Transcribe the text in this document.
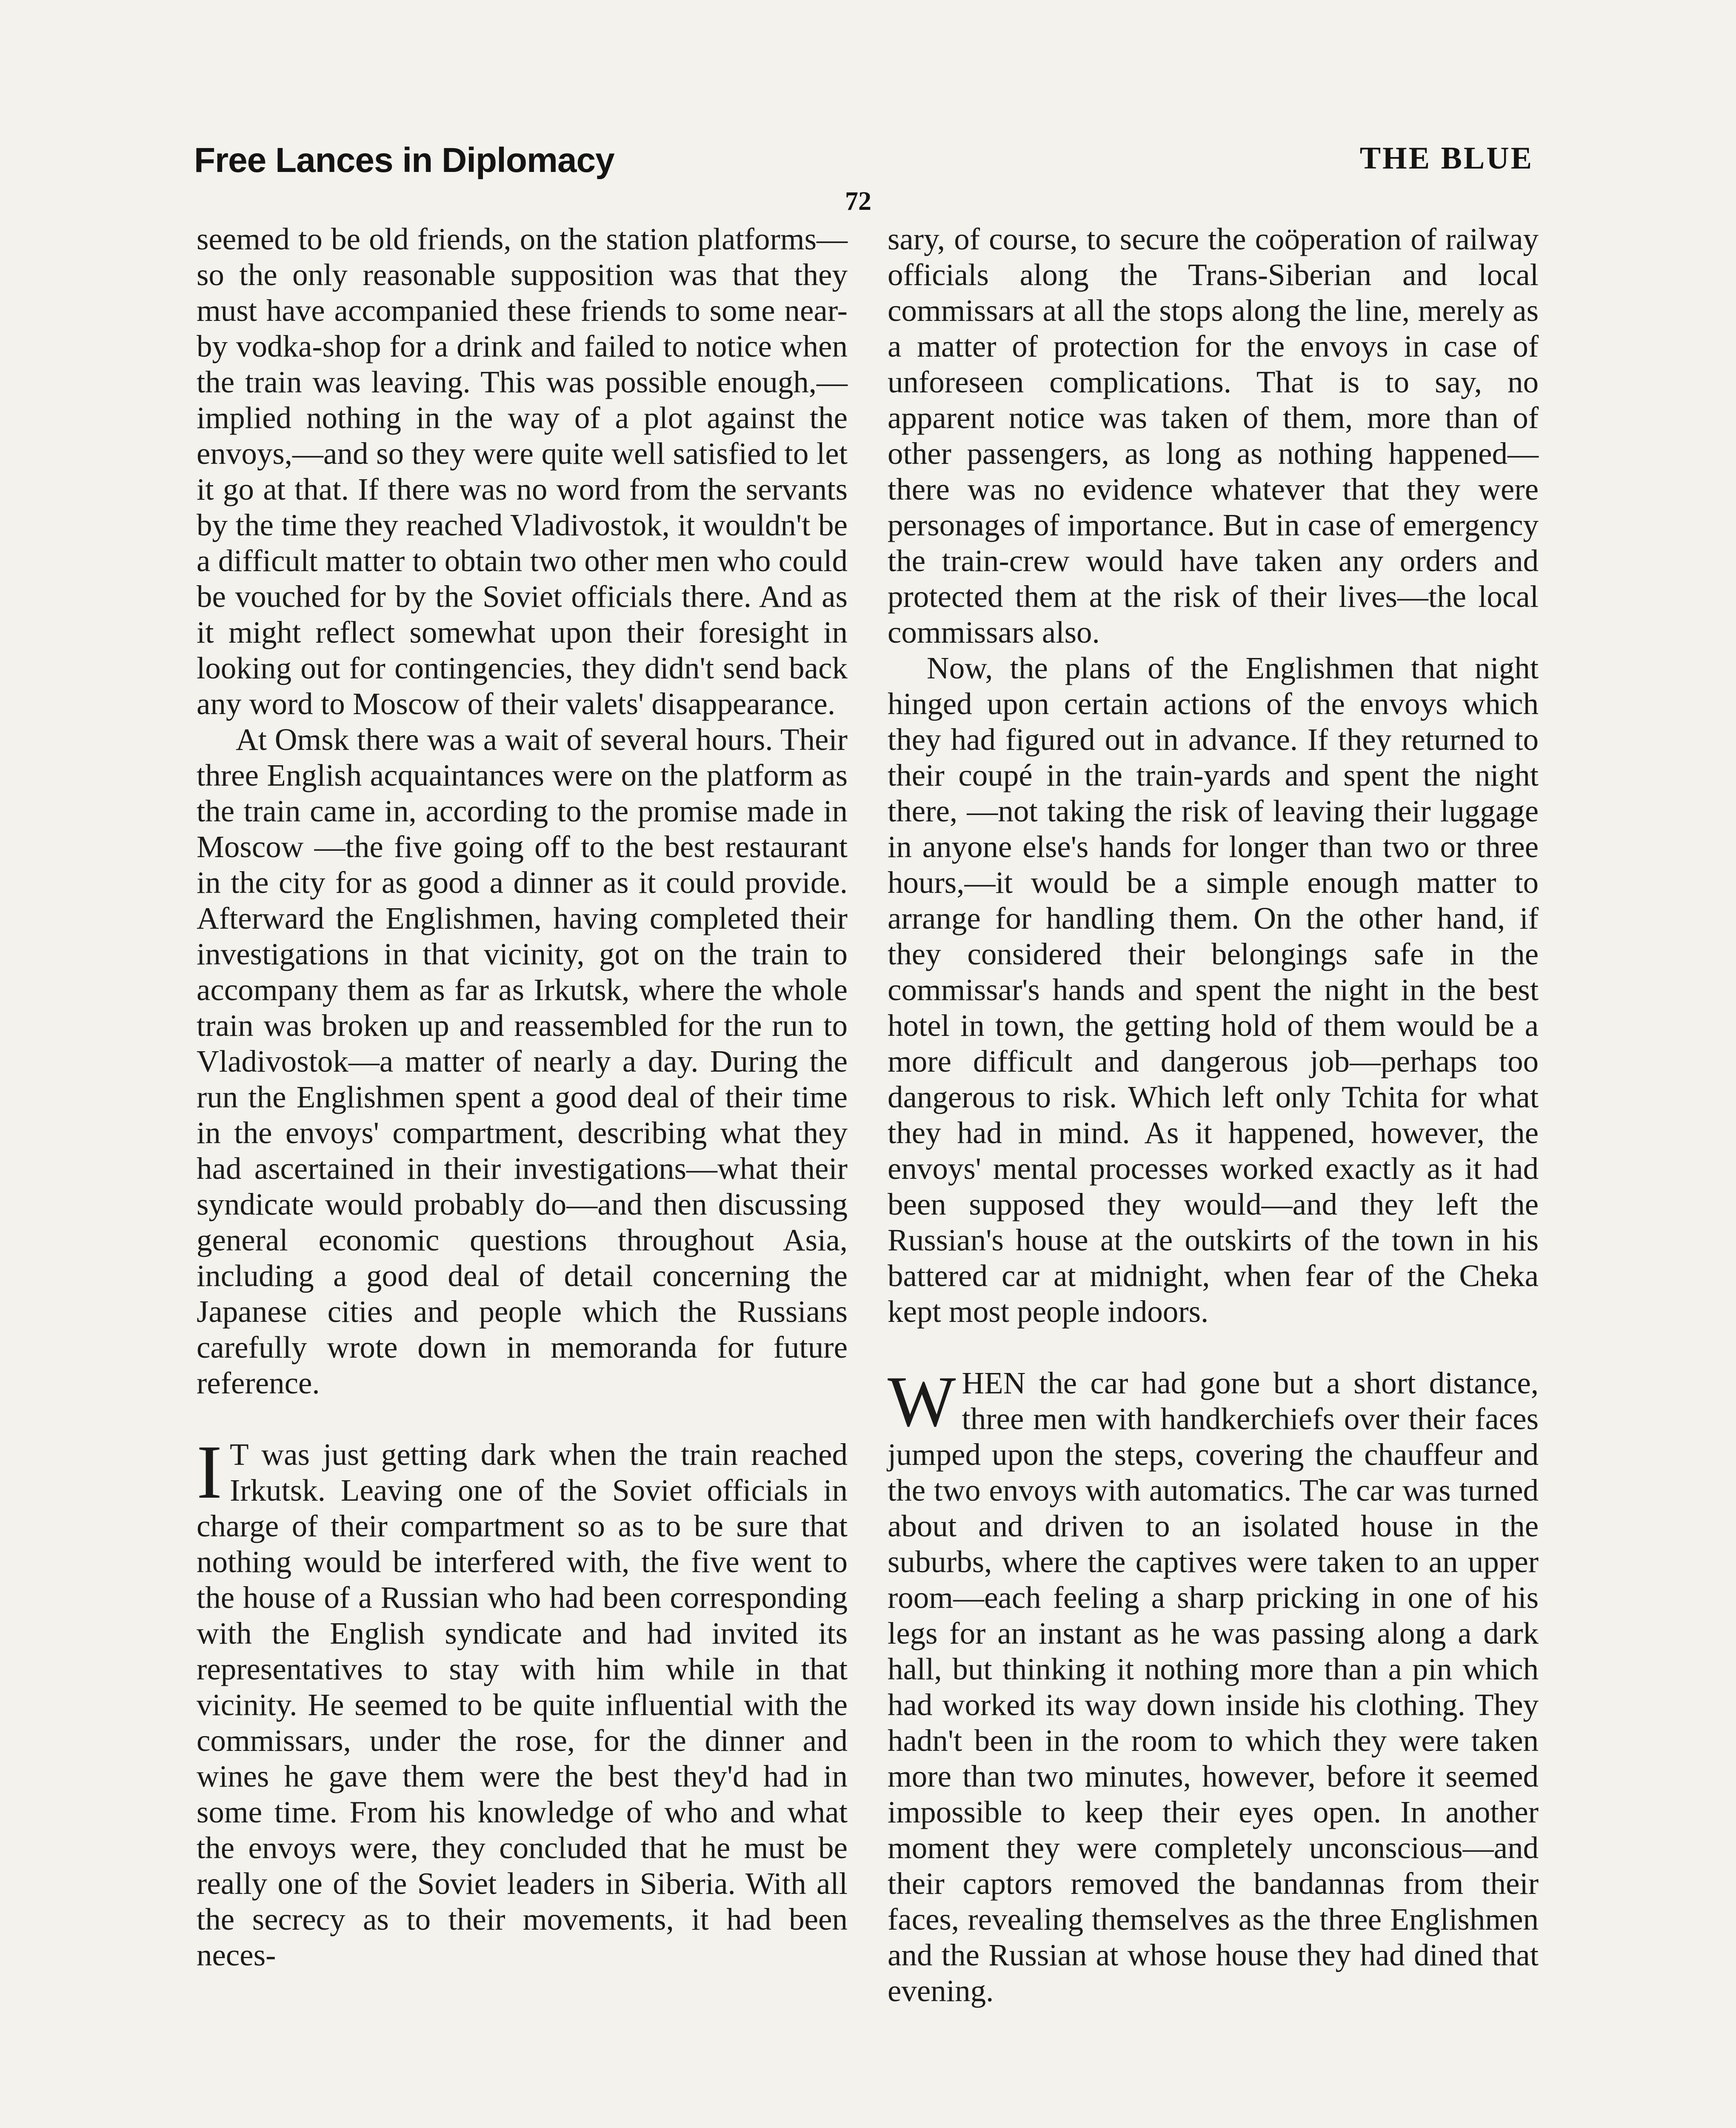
Free Lances in Diplomacy	THE BLUE
72

seemed to be old friends, on the station platforms—so the only reasonable supposition was that they must have accompanied these friends to some near-by vodka-shop for a drink and failed to notice when the train was leaving. This was possible enough,—implied nothing in the way of a plot against the envoys,—and so they were quite well satisfied to let it go at that. If there was no word from the servants by the time they reached Vladivostok, it wouldn't be a difficult matter to obtain two other men who could be vouched for by the Soviet officials there. And as it might reflect somewhat upon their foresight in looking out for contingencies, they didn't send back any word to Moscow of their valets' disappearance.

At Omsk there was a wait of several hours. Their three English acquaintances were on the platform as the train came in, according to the promise made in Moscow —the five going off to the best restaurant in the city for as good a dinner as it could provide. Afterward the Englishmen, having completed their investigations in that vicinity, got on the train to accompany them as far as Irkutsk, where the whole train was broken up and reassembled for the run to Vladivostok—a matter of nearly a day. During the run the Englishmen spent a good deal of their time in the envoys' compartment, describing what they had ascertained in their investigations—what their syndicate would probably do—and then discussing general economic questions throughout Asia, including a good deal of detail concerning the Japanese cities and people which the Russians carefully wrote down in memoranda for future reference.

I T was just getting dark when the train reached Irkutsk. Leaving one of the Soviet officials in charge of their compartment so as to be sure that nothing would be interfered with, the five went to the house of a Russian who had been corresponding with the English syndicate and had invited its representatives to stay with him while in that vicinity. He seemed to be quite influential with the commissars, under the rose, for the dinner and wines he gave them were the best they'd had in some time. From his knowledge of who and what the envoys were, they concluded that he must be really one of the Soviet leaders in Siberia. With all the secrecy as to their movements, it had been neces-

sary, of course, to secure the coöperation of railway officials along the Trans-Siberian and local commissars at all the stops along the line, merely as a matter of protection for the envoys in case of unforeseen complications. That is to say, no apparent notice was taken of them, more than of other passengers, as long as nothing happened—there was no evidence whatever that they were personages of importance. But in case of emergency the train-crew would have taken any orders and protected them at the risk of their lives—the local commissars also.

Now, the plans of the Englishmen that night hinged upon certain actions of the envoys which they had figured out in advance. If they returned to their coupé in the train-yards and spent the night there, —not taking the risk of leaving their luggage in anyone else's hands for longer than two or three hours,—it would be a simple enough matter to arrange for handling them. On the other hand, if they considered their belongings safe in the commissar's hands and spent the night in the best hotel in town, the getting hold of them would be a more difficult and dangerous job—perhaps too dangerous to risk. Which left only Tchita for what they had in mind. As it happened, however, the envoys' mental processes worked exactly as it had been supposed they would—and they left the Russian's house at the outskirts of the town in his battered car at midnight, when fear of the Cheka kept most people indoors.

WHEN the car had gone but a short distance, three men with handkerchiefs over their faces jumped upon the steps, covering the chauffeur and the two envoys with automatics. The car was turned about and driven to an isolated house in the suburbs, where the captives were taken to an upper room—each feeling a sharp pricking in one of his legs for an instant as he was passing along a dark hall, but thinking it nothing more than a pin which had worked its way down inside his clothing. They hadn't been in the room to which they were taken more than two minutes, however, before it seemed impossible to keep their eyes open. In another moment they were completely unconscious—and their captors removed the bandannas from their faces, revealing themselves as the three Englishmen and the Russian at whose house they had dined that evening.
